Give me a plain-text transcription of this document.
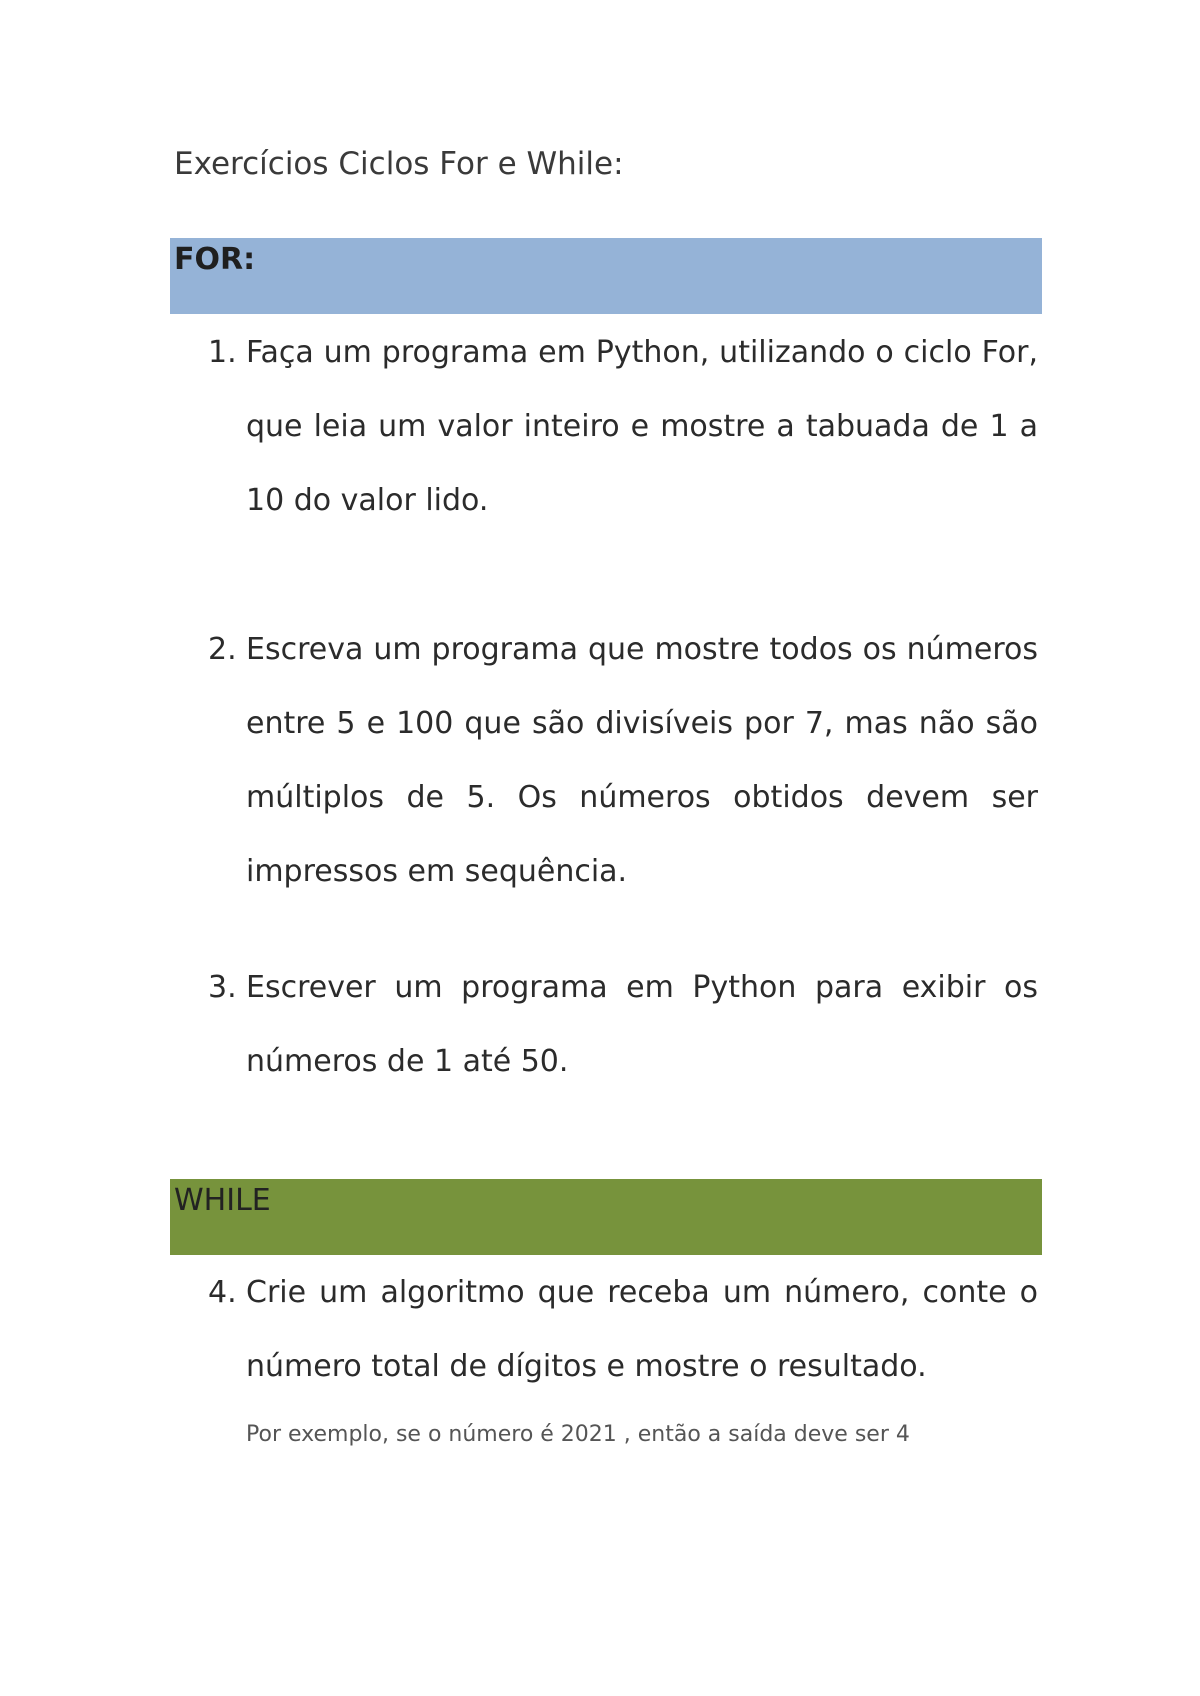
Exercícios Ciclos For e While:

FOR:

1. Faça um programa em Python, utilizando o ciclo For, que leia um valor inteiro e mostre a tabuada de 1 a 10 do valor lido.

2. Escreva um programa que mostre todos os números entre 5 e 100 que são divisíveis por 7, mas não são múltiplos de 5. Os números obtidos devem ser impressos em sequência.

3. Escrever um programa em Python para exibir os números de 1 até 50.

WHILE

4. Crie um algoritmo que receba um número, conte o número total de dígitos e mostre o resultado.

Por exemplo, se o número é 2021 , então a saída deve ser 4
